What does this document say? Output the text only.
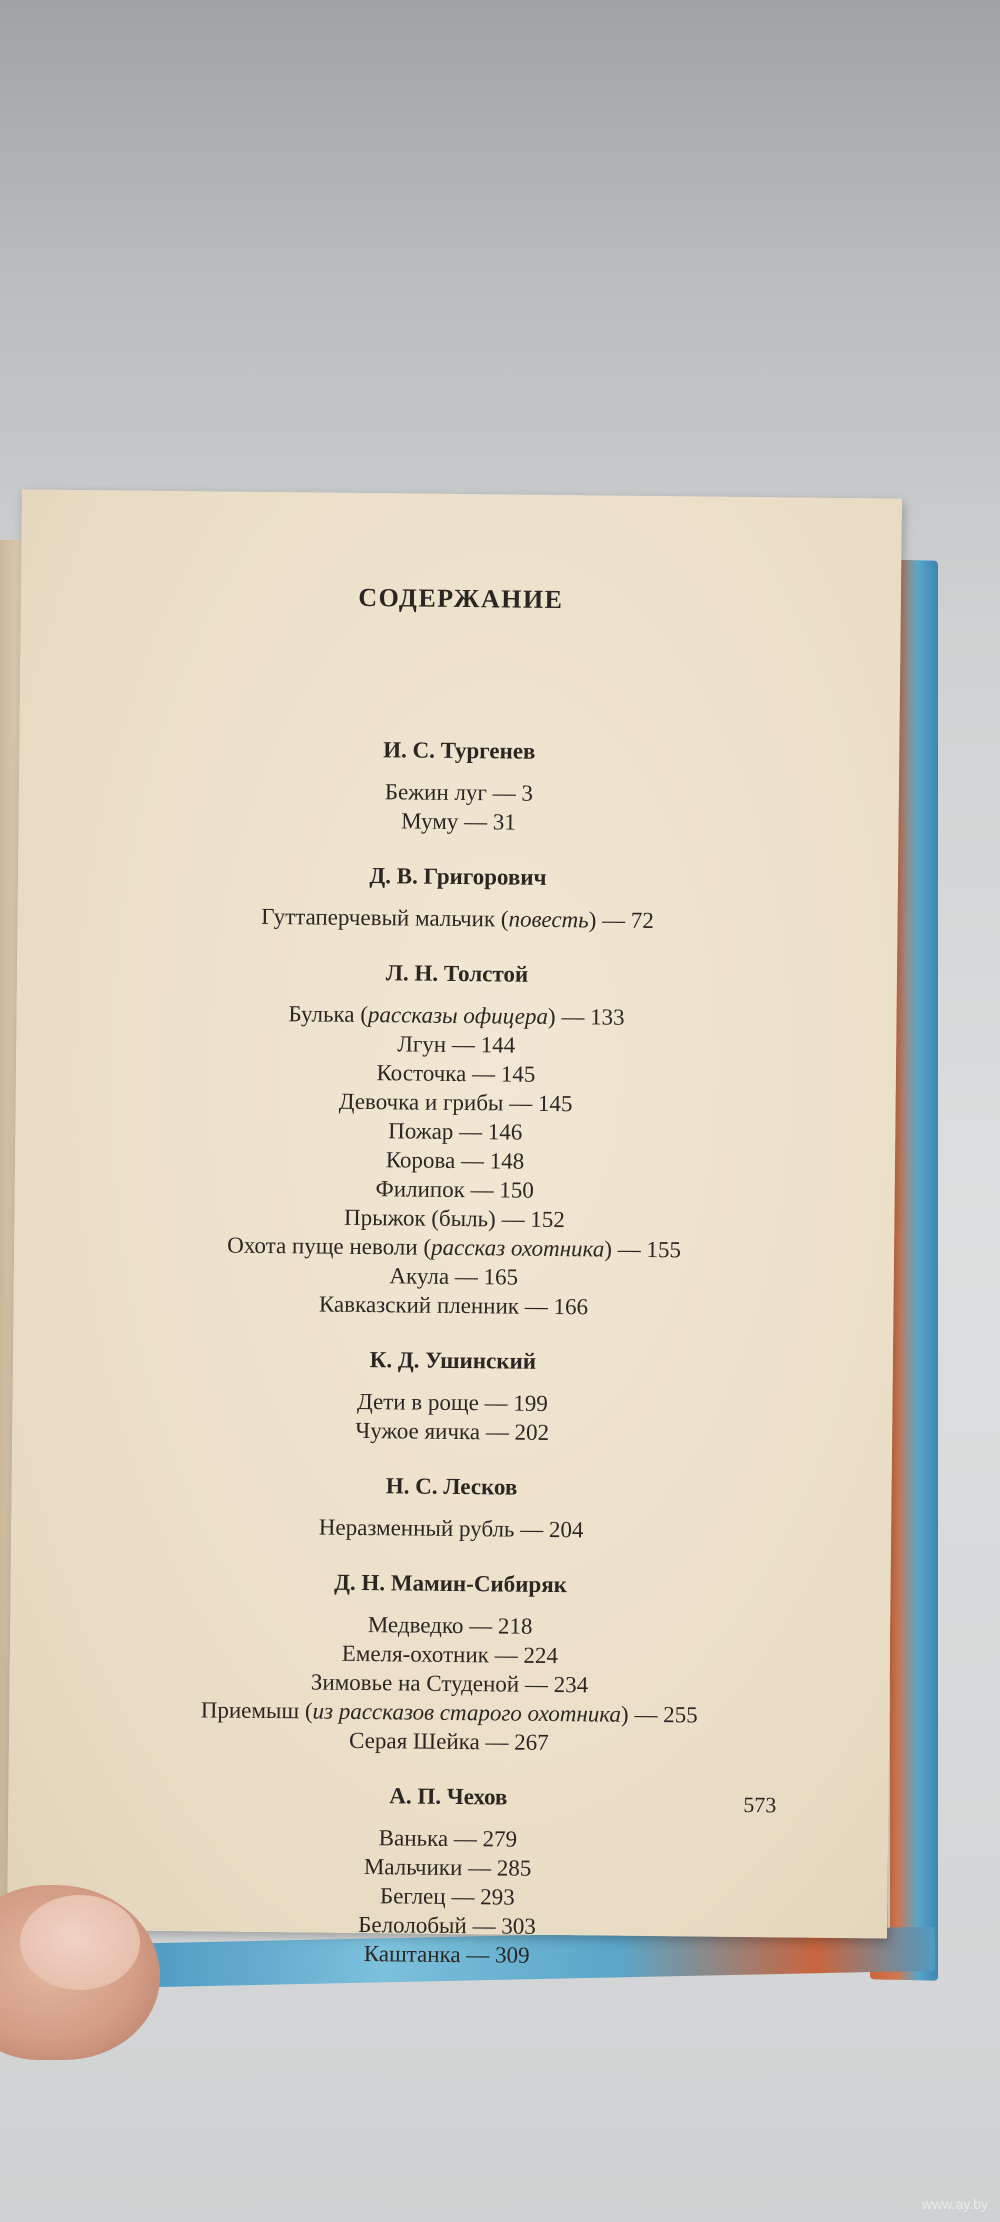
СОДЕРЖАНИЕ
И. С. Тургенев
Бежин луг — 3
Муму — 31
Д. В. Григорович
Гуттаперчевый мальчик (повесть) — 72
Л. Н. Толстой
Булька (рассказы офицера) — 133
Лгун — 144
Косточка — 145
Девочка и грибы — 145
Пожар — 146
Корова — 148
Филипок — 150
Прыжок (быль) — 152
Охота пуще неволи (рассказ охотника) — 155
Акула — 165
Кавказский пленник — 166
К. Д. Ушинский
Дети в роще — 199
Чужое яичка — 202
Н. С. Лесков
Неразменный рубль — 204
Д. Н. Мамин-Сибиряк
Медведко — 218
Емеля-охотник — 224
Зимовье на Студеной — 234
Приемыш (из рассказов старого охотника) — 255
Серая Шейка — 267
А. П. Чехов
Ванька — 279
Мальчики — 285
Беглец — 293
Белолобый — 303
Каштанка — 309
573
www.ay.by
